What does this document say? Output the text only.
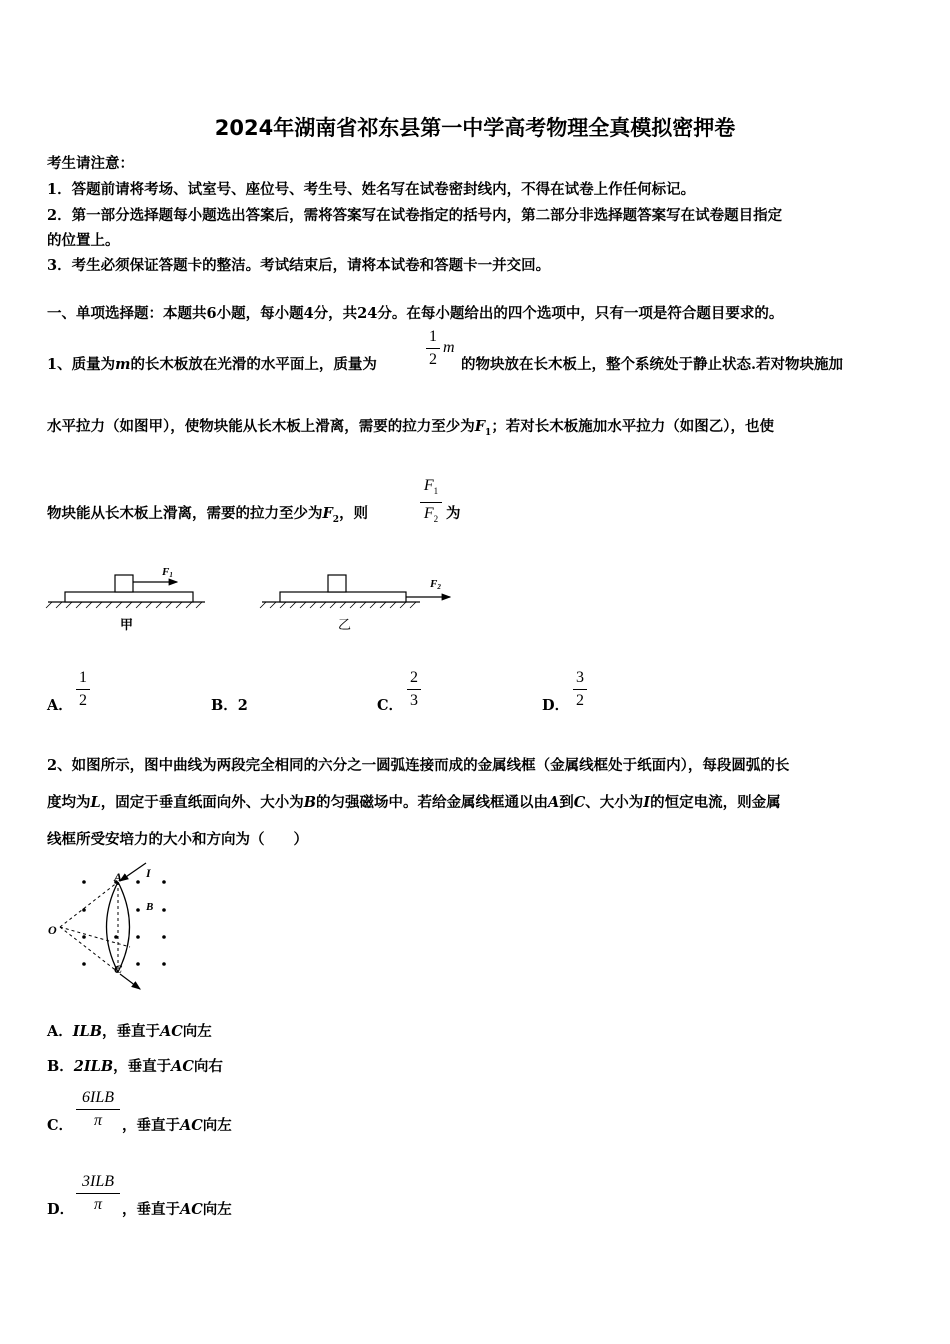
2024年湖南省祁东县第一中学高考物理全真模拟密押卷
考生请注意：
1．答题前请将考场、试室号、座位号、考生号、姓名写在试卷密封线内，不得在试卷上作任何标记。
2．第一部分选择题每小题选出答案后，需将答案写在试卷指定的括号内，第二部分非选择题答案写在试卷题目指定
的位置上。
3．考生必须保证答题卡的整洁。考试结束后，请将本试卷和答题卡一并交回。
一、单项选择题：本题共6小题，每小题4分，共24分。在每小题给出的四个选项中，只有一项是符合题目要求的。
1、质量为m的长木板放在光滑的水平面上，质量为
1
2
m
的物块放在长木板上，整个系统处于静止状态.若对物块施加
水平拉力（如图甲），使物块能从长木板上滑离，需要的拉力至少为$F_1$；若对长木板施加水平拉力（如图乙），也使
物块能从长木板上滑离，需要的拉力至少为$F_2$，则
$F_1$
$F_2$ 为
F1
甲
F2
乙
A．
1
2	B．2	C．
2
3	D．
3
2
2、如图所示，图中曲线为两段完全相同的六分之一圆弧连接而成的金属线框（金属线框处于纸面内），每段圆弧的长
度均为L，固定于垂直纸面向外、大小为B的匀强磁场中。若给金属线框通以由A到C、大小为I的恒定电流，则金属
线框所受安培力的大小和方向为（　　）
A I
B
O
C
A．ILB，垂直于AC向左
B．2ILB，垂直于AC向右
C．
6ILB
π	，垂直于AC向左
D．
3ILB
π	，垂直于AC向左
